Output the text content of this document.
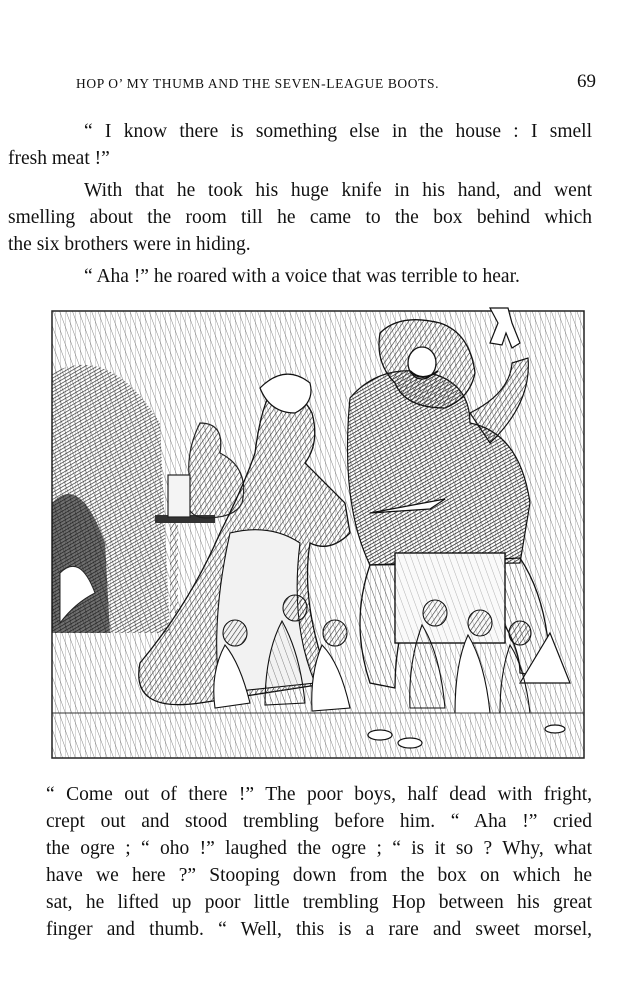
HOP O’ MY THUMB AND THE SEVEN-LEAGUE BOOTS.	69

“ I know there is something else in the house : I smell
fresh meat !”

With that he took his huge knife in his hand, and went
smelling about the room till he came to the box behind which
the six brothers were in hiding.

“ Aha !” he roared with a voice that was terrible to hear.

“ Come out of there !” The poor boys, half dead with fright,
crept out and stood trembling before him. “ Aha !” cried
the ogre ; “ oho !” laughed the ogre ; “ is it so ? Why, what
have we here ?” Stooping down from the box on which he
sat, he lifted up poor little trembling Hop between his great
finger and thumb. “ Well, this is a rare and sweet morsel,
